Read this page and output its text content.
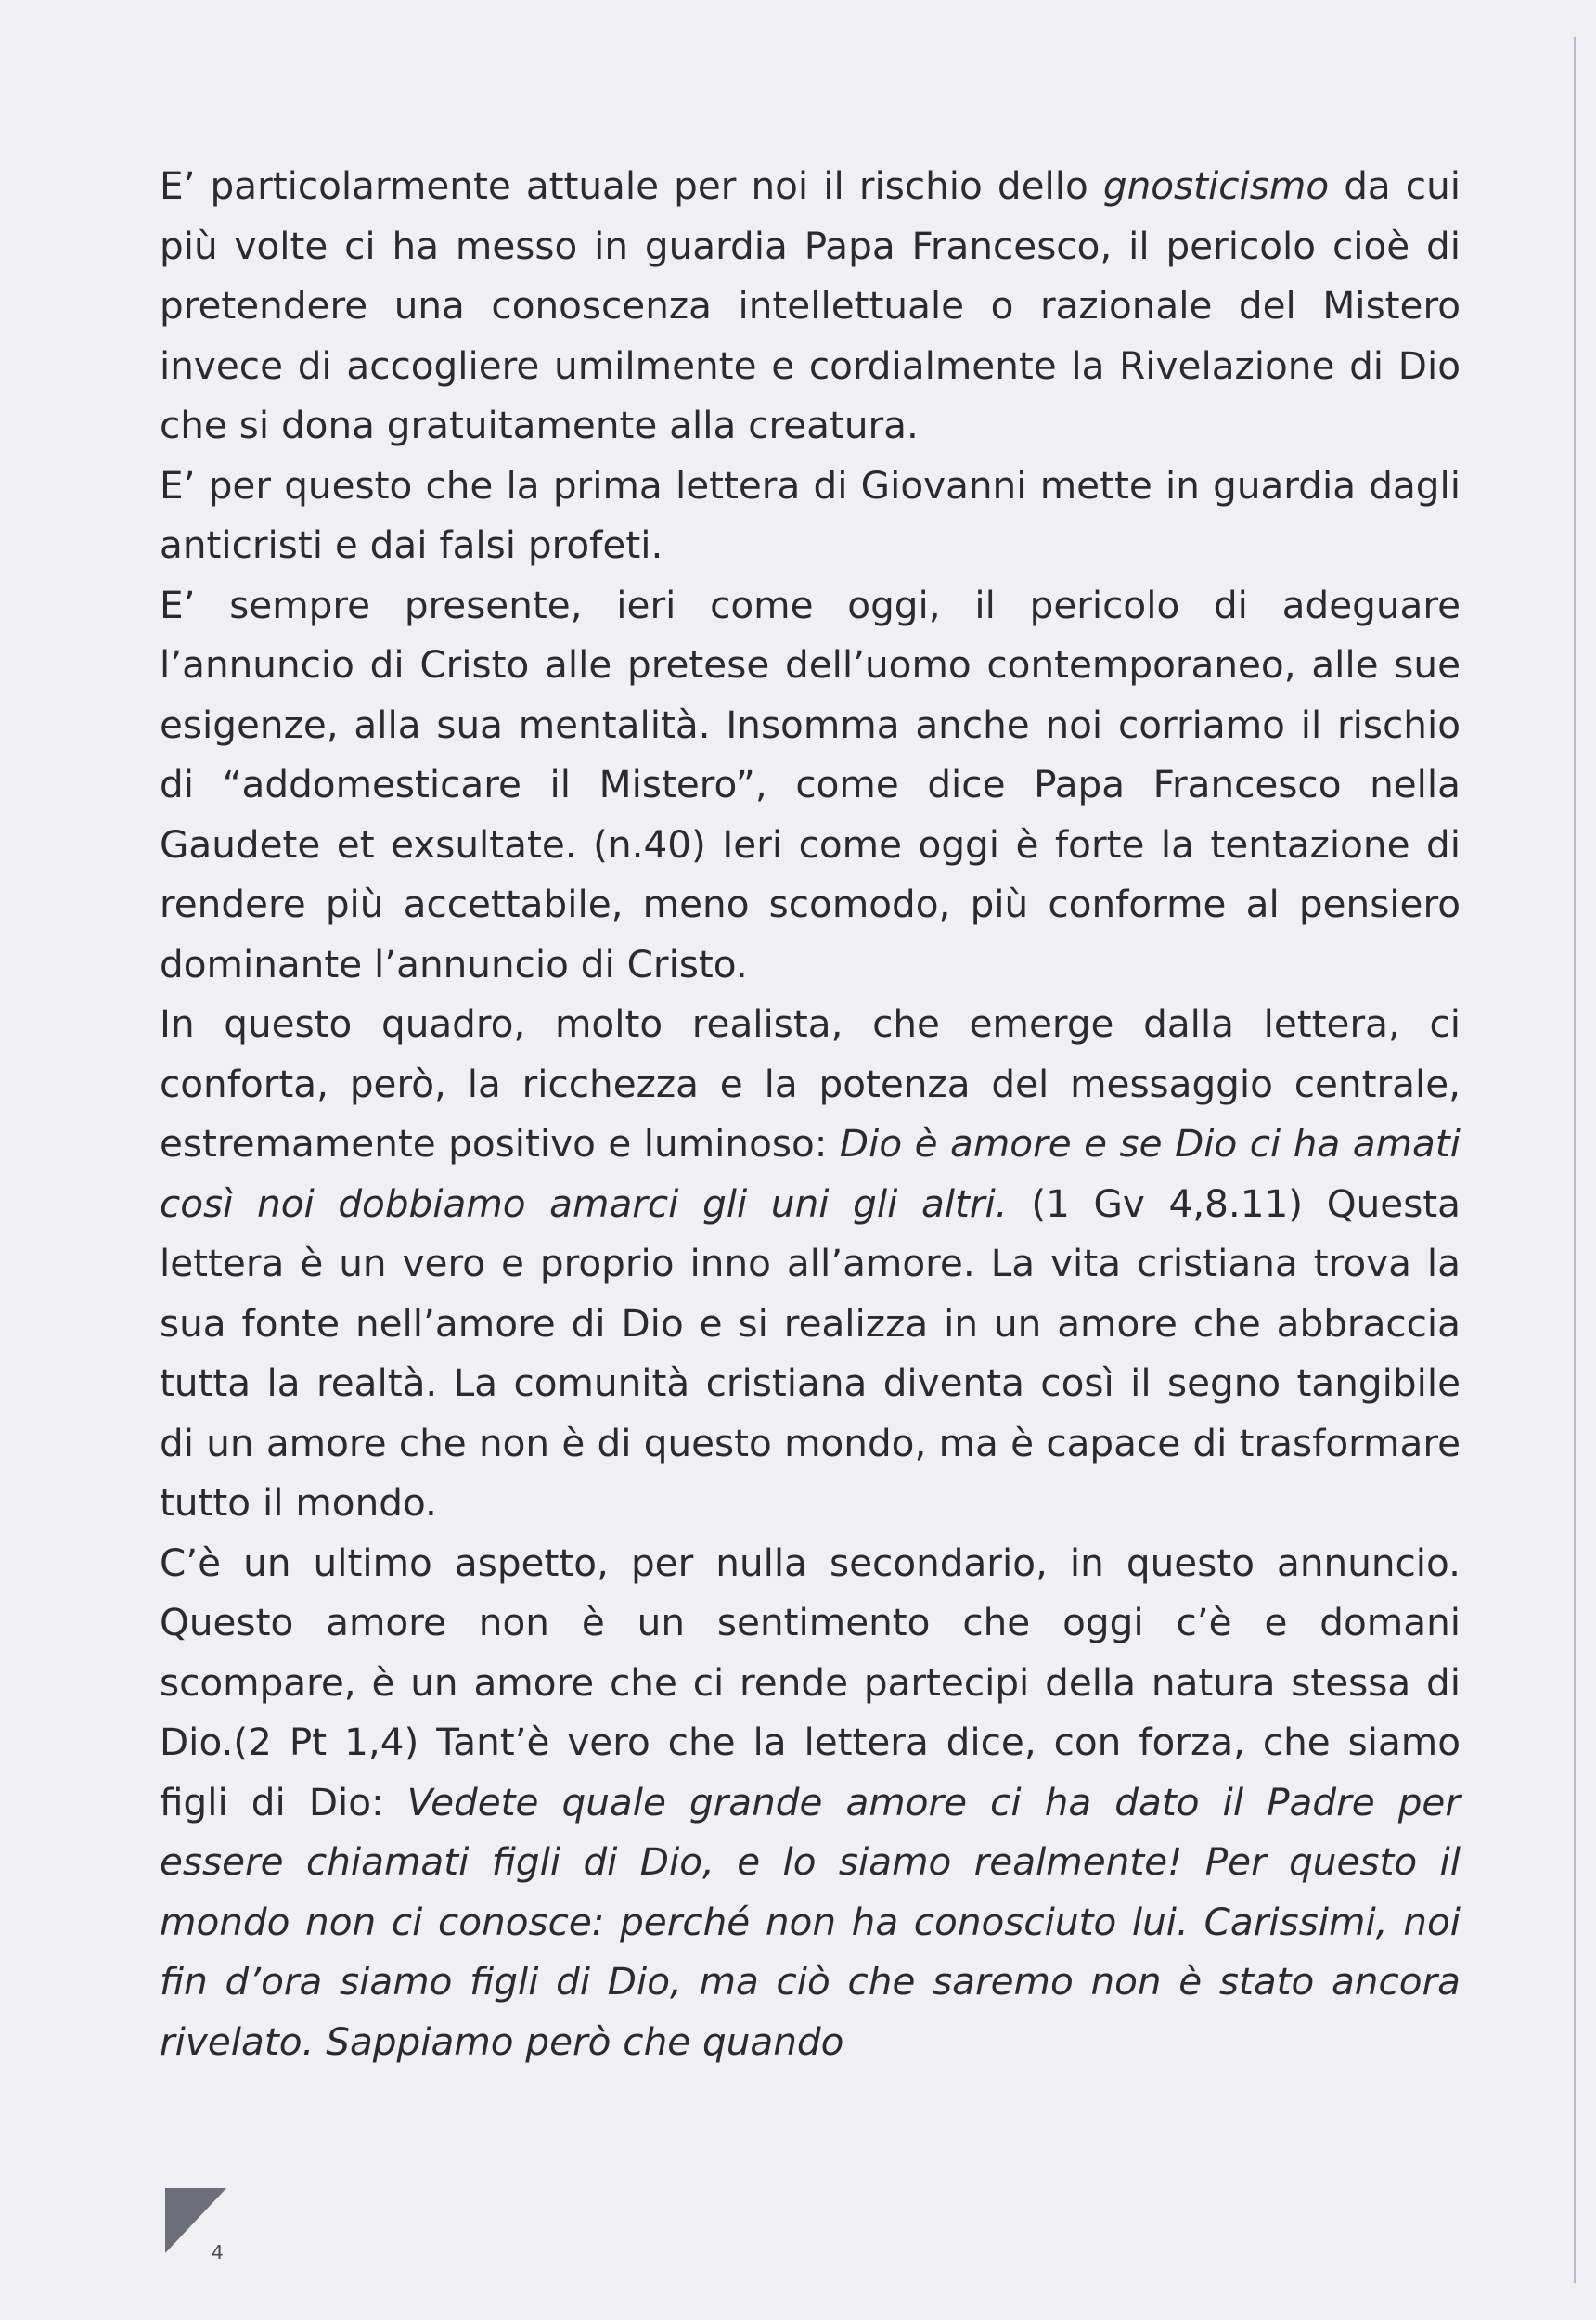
E’ particolarmente attuale per noi il rischio dello gnosticismo da cui più volte ci ha messo in guardia Papa Francesco, il pericolo cioè di pretendere una conoscenza intellettuale o razionale del Mistero invece di accogliere umilmente e cordialmente la Rivelazione di Dio che si dona gratuitamente alla creatura.

E’ per questo che la prima lettera di Giovanni mette in guardia dagli anticristi e dai falsi profeti.

E’ sempre presente, ieri come oggi, il pericolo di adeguare l’annuncio di Cristo alle pretese dell’uomo contemporaneo, alle sue esigenze, alla sua mentalità. Insomma anche noi corriamo il rischio di “addomesticare il Mistero”, come dice Papa Francesco nella Gaudete et exsultate. (n.40) Ieri come oggi è forte la tentazione di rendere più accettabile, meno scomodo, più conforme al pensiero dominante l’annuncio di Cristo.

In questo quadro, molto realista, che emerge dalla lettera, ci conforta, però, la ricchezza e la potenza del messaggio centrale, estremamente positivo e luminoso: Dio è amore e se Dio ci ha amati così noi dobbiamo amarci gli uni gli altri. (1 Gv 4,8.11) Questa lettera è un vero e proprio inno all’amore. La vita cristiana trova la sua fonte nell’amore di Dio e si realizza in un amore che abbraccia tutta la realtà. La comunità cristiana diventa così il segno tangibile di un amore che non è di questo mondo, ma è capace di trasformare tutto il mondo.

C’è un ultimo aspetto, per nulla secondario, in questo annuncio. Questo amore non è un sentimento che oggi c’è e domani scompare, è un amore che ci rende partecipi della natura stessa di Dio.(2 Pt 1,4) Tant’è vero che la lettera dice, con forza, che siamo figli di Dio: Vedete quale grande amore ci ha dato il Padre per essere chiamati figli di Dio, e lo siamo realmente! Per questo il mondo non ci conosce: perché non ha conosciuto lui. Carissimi, noi fin d’ora siamo figli di Dio, ma ciò che saremo non è stato ancora rivelato. Sappiamo però che quando

4
